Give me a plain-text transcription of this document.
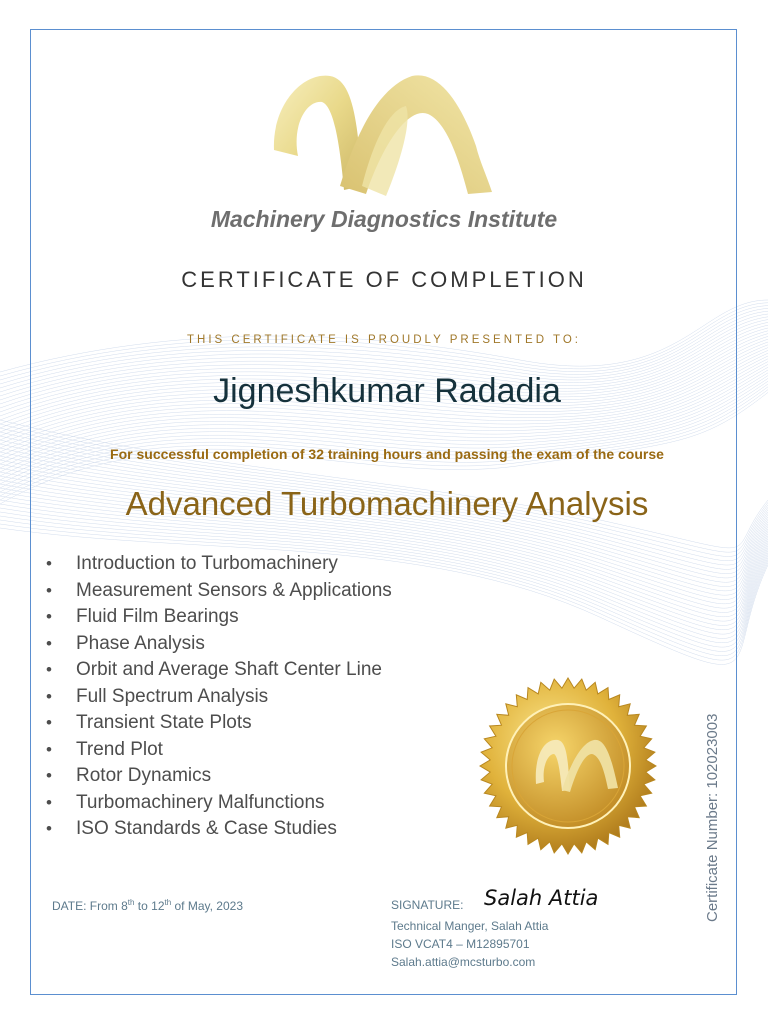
Machinery Diagnostics Institute
CERTIFICATE OF COMPLETION
THIS CERTIFICATE IS PROUDLY PRESENTED TO:
Jigneshkumar Radadia
For successful completion of 32 training hours and passing the exam of the course
Advanced Turbomachinery Analysis
• Introduction to Turbomachinery
• Measurement Sensors & Applications
• Fluid Film Bearings
• Phase Analysis
• Orbit and Average Shaft Center Line
• Full Spectrum Analysis
• Transient State Plots
• Trend Plot
• Rotor Dynamics
• Turbomachinery Malfunctions
• ISO Standards & Case Studies	Certificate Number: 102023003
DATE: From 8th to 12th of May, 2023	SIGNATURE: Salah Attia
Technical Manger, Salah Attia
ISO VCAT4 – M12895701
Salah.attia@mcsturbo.com
